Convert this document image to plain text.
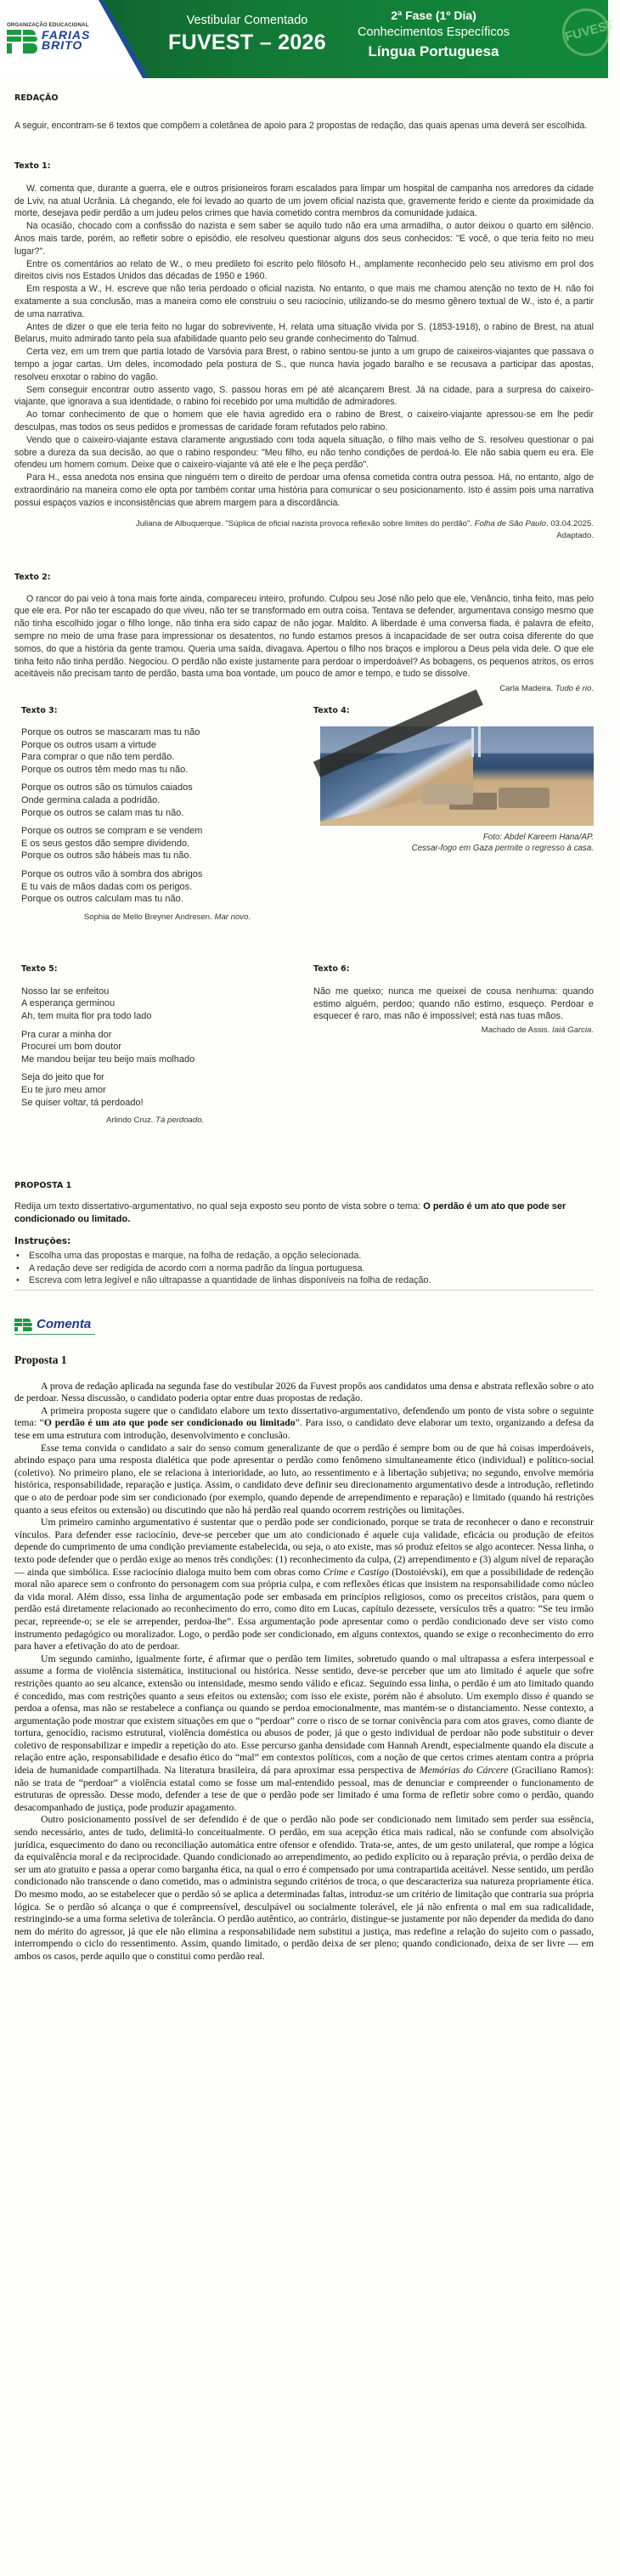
ORGANIZAÇÃO EDUCACIONAL
FARIAS
BRITO
Vestibular Comentado
FUVEST – 2026
2ª Fase (1º Dia)
Conhecimentos Específicos
Língua Portuguesa
FUVEST
REDAÇÃO

A seguir, encontram-se 6 textos que compõem a coletânea de apoio para 2 propostas de redação, das quais apenas uma deverá ser escolhida.

Texto 1:

W. comenta que, durante a guerra, ele e outros prisioneiros foram escalados para limpar um hospital de campanha nos arredores da cidade de Lviv, na atual Ucrânia. Lá chegando, ele foi levado ao quarto de um jovem oficial nazista que, gravemente ferido e ciente da proximidade da morte, desejava pedir perdão a um judeu pelos crimes que havia cometido contra membros da comunidade judaica.

Na ocasião, chocado com a confissão do nazista e sem saber se aquilo tudo não era uma armadilha, o autor deixou o quarto em silêncio. Anos mais tarde, porém, ao refletir sobre o episódio, ele resolveu questionar alguns dos seus conhecidos: "E você, o que teria feito no meu lugar?".

Entre os comentários ao relato de W., o meu predileto foi escrito pelo filósofo H., amplamente reconhecido pelo seu ativismo em prol dos direitos civis nos Estados Unidos das décadas de 1950 e 1960.

Em resposta a W., H. escreve que não teria perdoado o oficial nazista. No entanto, o que mais me chamou atenção no texto de H. não foi exatamente a sua conclusão, mas a maneira como ele construiu o seu raciocínio, utilizando-se do mesmo gênero textual de W., isto é, a partir de uma narrativa.

Antes de dizer o que ele teria feito no lugar do sobrevivente, H. relata uma situação vivida por S. (1853-1918), o rabino de Brest, na atual Belarus, muito admirado tanto pela sua afabilidade quanto pelo seu grande conhecimento do Talmud.

Certa vez, em um trem que partia lotado de Varsóvia para Brest, o rabino sentou-se junto a um grupo de caixeiros-viajantes que passava o tempo a jogar cartas. Um deles, incomodado pela postura de S., que nunca havia jogado baralho e se recusava a participar das apostas, resolveu enxotar o rabino do vagão.

Sem conseguir encontrar outro assento vago, S. passou horas em pé até alcançarem Brest. Já na cidade, para a surpresa do caixeiro-viajante, que ignorava a sua identidade, o rabino foi recebido por uma multidão de admiradores.

Ao tomar conhecimento de que o homem que ele havia agredido era o rabino de Brest, o caixeiro-viajante apressou-se em lhe pedir desculpas, mas todos os seus pedidos e promessas de caridade foram refutados pelo rabino.

Vendo que o caixeiro-viajante estava claramente angustiado com toda aquela situação, o filho mais velho de S. resolveu questionar o pai sobre a dureza da sua decisão, ao que o rabino respondeu: "Meu filho, eu não tenho condições de perdoá-lo. Ele não sabia quem eu era. Ele ofendeu um homem comum. Deixe que o caixeiro-viajante vá até ele e lhe peça perdão".

Para H., essa anedota nos ensina que ninguém tem o direito de perdoar uma ofensa cometida contra outra pessoa. Há, no entanto, algo de extraordinário na maneira como ele opta por também contar uma história para comunicar o seu posicionamento. Isto é assim pois uma narrativa possui espaços vazios e inconsistências que abrem margem para a discordância.

Juliana de Albuquerque. "Súplica de oficial nazista provoca reflexão sobre limites do perdão". Folha de São Paulo. 03.04.2025.
Adaptado.
Texto 2:

O rancor do pai veio à tona mais forte ainda, compareceu inteiro, profundo. Culpou seu José não pelo que ele, Venâncio, tinha feito, mas pelo que ele era. Por não ter escapado do que viveu, não ter se transformado em outra coisa. Tentava se defender, argumentava consigo mesmo que não tinha escolhido jogar o filho longe, não tinha era sido capaz de não jogar. Maldito. A liberdade é uma conversa fiada, é palavra de efeito, sempre no meio de uma frase para impressionar os desatentos, no fundo estamos presos à incapacidade de ser outra coisa diferente do que somos, do que a história da gente tramou. Queria uma saída, divagava. Apertou o filho nos braços e implorou a Deus pela vida dele. O que ele tinha feito não tinha perdão. Negociou. O perdão não existe justamente para perdoar o imperdoável? As bobagens, os pequenos atritos, os erros aceitáveis não precisam tanto de perdão, basta uma boa vontade, um pouco de amor e tempo, e tudo se dissolve.

Carla Madeira. Tudo é rio.
Texto 3:
Porque os outros se mascaram mas tu não
Porque os outros usam a virtude
Para comprar o que não tem perdão.
Porque os outros têm medo mas tu não.
Porque os outros são os túmulos caiados
Onde germina calada a podridão.
Porque os outros se calam mas tu não.
Porque os outros se compram e se vendem
E os seus gestos dão sempre dividendo.
Porque os outros são hábeis mas tu não.
Porque os outros vão à sombra dos abrigos
E tu vais de mãos dadas com os perigos.
Porque os outros calculam mas tu não.
Sophia de Mello Breyner Andresen. Mar novo.
Texto 4:
Foto: Abdel Kareem Hana/AP.
Cessar-fogo em Gaza permite o regresso à casa.
Texto 5:
Nosso lar se enfeitou
A esperança germinou
Ah, tem muita flor pra todo lado
Pra curar a minha dor
Procurei um bom doutor
Me mandou beijar teu beijo mais molhado
Seja do jeito que for
Eu te juro meu amor
Se quiser voltar, tá perdoado!
Arlindo Cruz. Tá perdoado.
Texto 6:

Não me queixo; nunca me queixei de cousa nenhuma: quando estimo alguém, perdoo; quando não estimo, esqueço. Perdoar e esquecer é raro, mas não é impossível; está nas tuas mãos.

Machado de Assis. Iaiá Garcia.
PROPOSTA 1

Redija um texto dissertativo-argumentativo, no qual seja exposto seu ponto de vista sobre o tema: O perdão é um ato que pode ser condicionado ou limitado.

Instruções:
• Escolha uma das propostas e marque, na folha de redação, a opção selecionada.
• A redação deve ser redigida de acordo com a norma padrão da língua portuguesa.
• Escreva com letra legível e não ultrapasse a quantidade de linhas disponíveis na folha de redação.
Comenta
Proposta 1

A prova de redação aplicada na segunda fase do vestibular 2026 da Fuvest propôs aos candidatos uma densa e abstrata reflexão sobre o ato de perdoar. Nessa discussão, o candidato poderia optar entre duas propostas de redação.

A primeira proposta sugere que o candidato elabore um texto dissertativo-argumentativo, defendendo um ponto de vista sobre o seguinte tema: “O perdão é um ato que pode ser condicionado ou limitado”. Para isso, o candidato deve elaborar um texto, organizando a defesa da tese em uma estrutura com introdução, desenvolvimento e conclusão.

Esse tema convida o candidato a sair do senso comum generalizante de que o perdão é sempre bom ou de que há coisas imperdoáveis, abrindo espaço para uma resposta dialética que pode apresentar o perdão como fenômeno simultaneamente ético (individual) e político-social (coletivo). No primeiro plano, ele se relaciona à interioridade, ao luto, ao ressentimento e à libertação subjetiva; no segundo, envolve memória histórica, responsabilidade, reparação e justiça. Assim, o candidato deve definir seu direcionamento argumentativo desde a introdução, refletindo que o ato de perdoar pode sim ser condicionado (por exemplo, quando depende de arrependimento e reparação) e limitado (quando há restrições quanto a seus efeitos ou extensão) ou discutindo que não há perdão real quando ocorrem restrições ou limitações.

Um primeiro caminho argumentativo é sustentar que o perdão pode ser condicionado, porque se trata de reconhecer o dano e reconstruir vínculos. Para defender esse raciocínio, deve-se perceber que um ato condicionado é aquele cuja validade, eficácia ou produção de efeitos depende do cumprimento de uma condição previamente estabelecida, ou seja, o ato existe, mas só produz efeitos se algo acontecer. Nessa linha, o texto pode defender que o perdão exige ao menos três condições: (1) reconhecimento da culpa, (2) arrependimento e (3) algum nível de reparação — ainda que simbólica. Esse raciocínio dialoga muito bem com obras como Crime e Castigo (Dostoiévski), em que a possibilidade de redenção moral não aparece sem o confronto do personagem com sua própria culpa, e com reflexões éticas que insistem na responsabilidade como núcleo da vida moral. Além disso, essa linha de argumentação pode ser embasada em princípios religiosos, como os preceitos cristãos, para quem o perdão está diretamente relacionado ao reconhecimento do erro, como dito em Lucas, capítulo dezessete, versículos três a quatro: “Se teu irmão pecar, repreende-o; se ele se arrepender, perdoa-lhe”. Essa argumentação pode apresentar como o perdão condicionado deve ser visto como instrumento pedagógico ou moralizador. Logo, o perdão pode ser condicionado, em alguns contextos, quando se exige o reconhecimento do erro para haver a efetivação do ato de perdoar.

Um segundo caminho, igualmente forte, é afirmar que o perdão tem limites, sobretudo quando o mal ultrapassa a esfera interpessoal e assume a forma de violência sistemática, institucional ou histórica. Nesse sentido, deve-se perceber que um ato limitado é aquele que sofre restrições quanto ao seu alcance, extensão ou intensidade, mesmo sendo válido e eficaz. Seguindo essa linha, o perdão é um ato limitado quando é concedido, mas com restrições quanto a seus efeitos ou extensão; com isso ele existe, porém não é absoluto. Um exemplo disso é quando se perdoa a ofensa, mas não se restabelece a confiança ou quando se perdoa emocionalmente, mas mantém-se o distanciamento. Nesse contexto, a argumentação pode mostrar que existem situações em que o “perdoar” corre o risco de se tornar conivência para com atos graves, como diante de tortura, genocídio, racismo estrutural, violência doméstica ou abusos de poder, já que o gesto individual de perdoar não pode substituir o dever coletivo de responsabilizar e impedir a repetição do ato. Esse percurso ganha densidade com Hannah Arendt, especialmente quando ela discute a relação entre ação, responsabilidade e desafio ético do “mal” em contextos políticos, com a noção de que certos crimes atentam contra a própria ideia de humanidade compartilhada. Na literatura brasileira, dá para aproximar essa perspectiva de Memórias do Cárcere (Graciliano Ramos): não se trata de “perdoar” a violência estatal como se fosse um mal-entendido pessoal, mas de denunciar e compreender o funcionamento de estruturas de opressão. Desse modo, defender a tese de que o perdão pode ser limitado é uma forma de refletir sobre como o perdão, quando desacompanhado de justiça, pode produzir apagamento.

Outro posicionamento possível de ser defendido é de que o perdão não pode ser condicionado nem limitado sem perder sua essência, sendo necessário, antes de tudo, delimitá-lo conceitualmente. O perdão, em sua acepção ética mais radical, não se confunde com absolvição jurídica, esquecimento do dano ou reconciliação automática entre ofensor e ofendido. Trata-se, antes, de um gesto unilateral, que rompe a lógica da equivalência moral e da reciprocidade. Quando condicionado ao arrependimento, ao pedido explícito ou à reparação prévia, o perdão deixa de ser um ato gratuito e passa a operar como barganha ética, na qual o erro é compensado por uma contrapartida aceitável. Nesse sentido, um perdão condicionado não transcende o dano cometido, mas o administra segundo critérios de troca, o que descaracteriza sua natureza propriamente ética. Do mesmo modo, ao se estabelecer que o perdão só se aplica a determinadas faltas, introduz-se um critério de limitação que contraria sua própria lógica. Se o perdão só alcança o que é compreensível, desculpável ou socialmente tolerável, ele já não enfrenta o mal em sua radicalidade, restringindo-se a uma forma seletiva de tolerância. O perdão autêntico, ao contrário, distingue-se justamente por não depender da medida do dano nem do mérito do agressor, já que ele não elimina a responsabilidade nem substitui a justiça, mas redefine a relação do sujeito com o passado, interrompendo o ciclo do ressentimento. Assim, quando limitado, o perdão deixa de ser pleno; quando condicionado, deixa de ser livre — em ambos os casos, perde aquilo que o constitui como perdão real.
